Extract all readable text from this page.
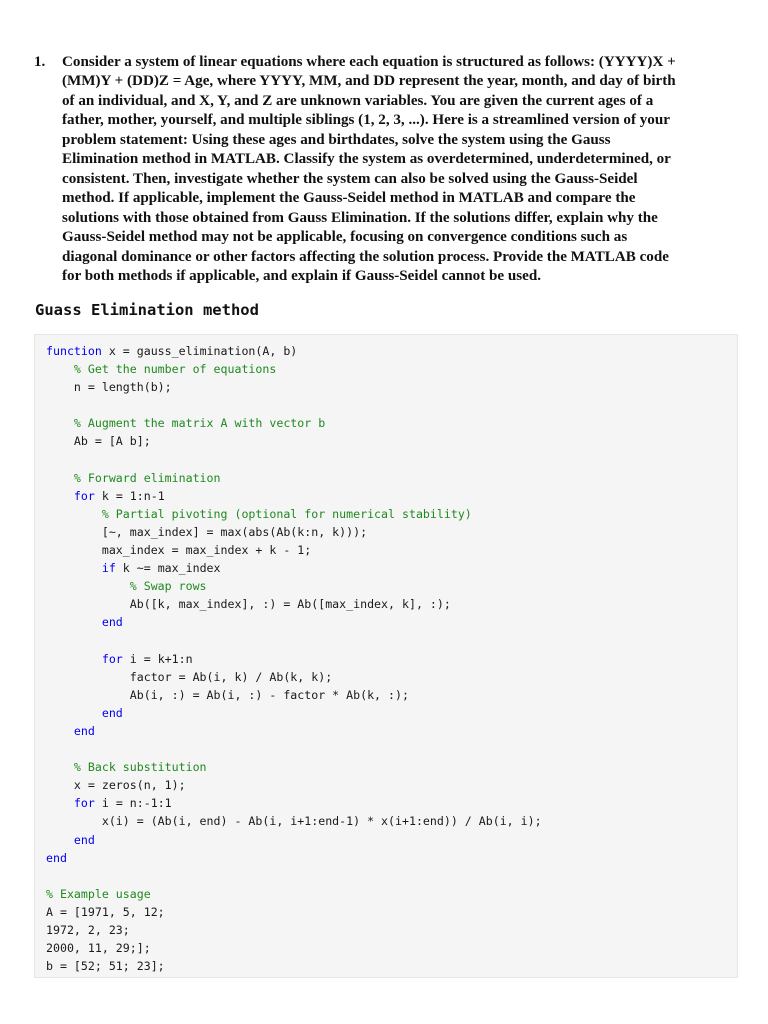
1.	Consider a system of linear equations where each equation is structured as follows: (YYYY)X +
(MM)Y + (DD)Z = Age, where YYYY, MM, and DD represent the year, month, and day of birth
of an individual, and X, Y, and Z are unknown variables. You are given the current ages of a
father, mother, yourself, and multiple siblings (1, 2, 3, ...). Here is a streamlined version of your
problem statement: Using these ages and birthdates, solve the system using the Gauss
Elimination method in MATLAB. Classify the system as overdetermined, underdetermined, or
consistent. Then, investigate whether the system can also be solved using the Gauss-Seidel
method. If applicable, implement the Gauss-Seidel method in MATLAB and compare the
solutions with those obtained from Gauss Elimination. If the solutions differ, explain why the
Gauss-Seidel method may not be applicable, focusing on convergence conditions such as
diagonal dominance or other factors affecting the solution process. Provide the MATLAB code
for both methods if applicable, and explain if Gauss-Seidel cannot be used.
Guass Elimination method
function x = gauss_elimination(A, b)
% Get the number of equations
n = length(b);
% Augment the matrix A with vector b
Ab = [A b];
% Forward elimination
for k = 1:n-1
% Partial pivoting (optional for numerical stability)
[~, max_index] = max(abs(Ab(k:n, k)));
max_index = max_index + k - 1;
if k ~= max_index
% Swap rows
Ab([k, max_index], :) = Ab([max_index, k], :);
end
for i = k+1:n
factor = Ab(i, k) / Ab(k, k);
Ab(i, :) = Ab(i, :) - factor * Ab(k, :);
end
end
% Back substitution
x = zeros(n, 1);
for i = n:-1:1
x(i) = (Ab(i, end) - Ab(i, i+1:end-1) * x(i+1:end)) / Ab(i, i);
end
end
% Example usage
A = [1971, 5, 12;
1972, 2, 23;
2000, 11, 29;];
b = [52; 51; 23];
